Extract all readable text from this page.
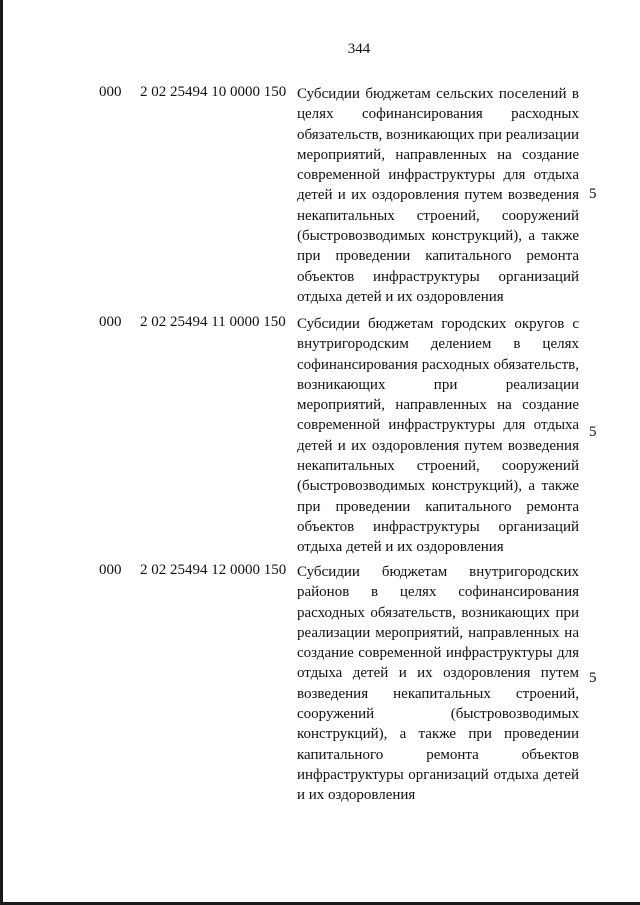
344
000 2 02 25494 10 0000 150 Субсидии бюджетам сельских поселений в целях софинансирования расходных обязательств, возникающих при реализации мероприятий, направленных на создание современной инфраструктуры для отдыха детей и их оздоровления путем возведения некапитальных строений, сооружений (быстровозводимых конструкций), а также при проведении капитального ремонта объектов инфраструктуры организаций отдыха детей и их оздоровления

5
000 2 02 25494 11 0000 150 Субсидии бюджетам городских округов с внутригородским делением в целях софинансирования расходных обязательств, возникающих при реализации мероприятий, направленных на создание современной инфраструктуры для отдыха детей и их оздоровления путем возведения некапитальных строений, сооружений (быстровозводимых конструкций), а также при проведении капитального ремонта объектов инфраструктуры организаций отдыха детей и их оздоровления

5
000 2 02 25494 12 0000 150 Субсидии бюджетам внутригородских районов в целях софинансирования расходных обязательств, возникающих при реализации мероприятий, направленных на создание современной инфраструктуры для отдыха детей и их оздоровления путем возведения некапитальных строений, сооружений (быстровозводимых конструкций), а также при проведении капитального ремонта объектов инфраструктуры организаций отдыха детей и их оздоровления

5
